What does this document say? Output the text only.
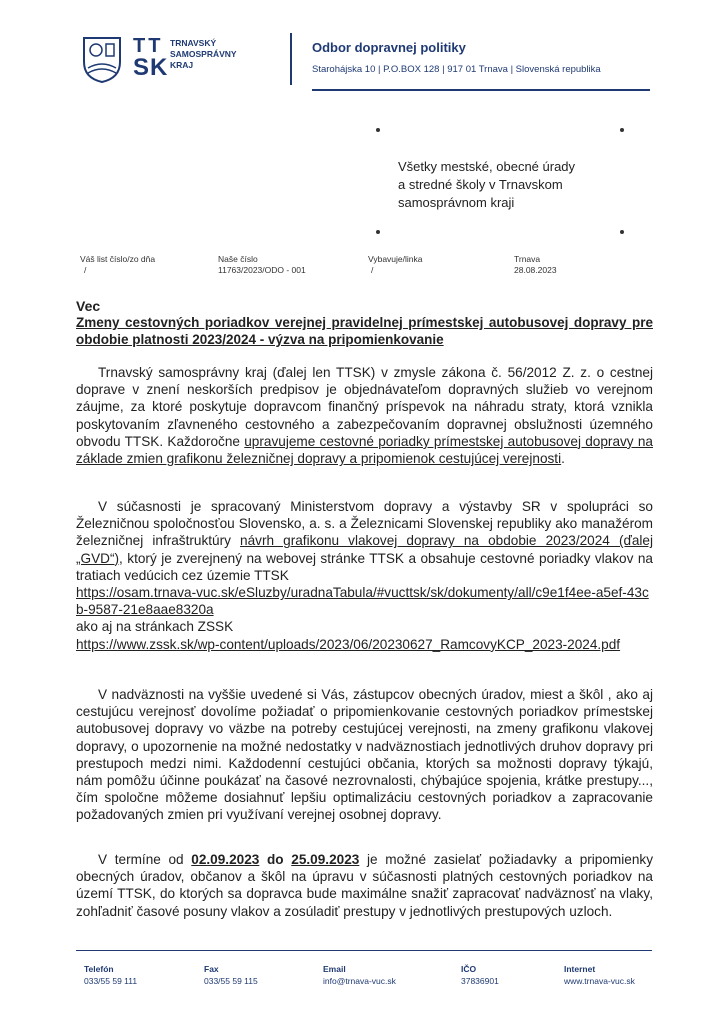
TT
SK
TRNAVSKÝ
SAMOSPRÁVNY
KRAJ
Odbor dopravnej politiky
Starohájska 10 | P.O.BOX 128 | 917 01 Trnava | Slovenská republika
Všetky mestské, obecné úrady
a stredné školy v Trnavskom
samosprávnom kraji
Váš list číslo/zo dňa
/
Naše číslo
11763/2023/ODO - 001
Vybavuje/linka
/
Trnava
28.08.2023
Vec
Zmeny cestovných poriadkov verejnej pravidelnej prímestskej autobusovej dopravy pre obdobie platnosti 2023/2024 - výzva na pripomienkovanie
Trnavský samosprávny kraj (ďalej len TTSK) v zmysle zákona č. 56/2012 Z. z. o cestnej doprave v znení neskorších predpisov je objednávateľom dopravných služieb vo verejnom záujme, za ktoré poskytuje dopravcom finančný príspevok na náhradu straty, ktorá vznikla poskytovaním zľavneného cestovného a zabezpečovaním dopravnej obslužnosti územného obvodu TTSK. Každoročne upravujeme cestovné poriadky prímestskej autobusovej dopravy na základe zmien grafikonu železničnej dopravy a pripomienok cestujúcej verejnosti.
V súčasnosti je spracovaný Ministerstvom dopravy a výstavby SR v spolupráci so Železničnou spoločnosťou Slovensko, a. s. a Železnicami Slovenskej republiky ako manažérom železničnej infraštruktúry návrh grafikonu vlakovej dopravy na obdobie 2023/2024 (ďalej „GVD“), ktorý je zverejnený na webovej stránke TTSK a obsahuje cestovné poriadky vlakov na tratiach vedúcich cez územie TTSK
https://osam.trnava-vuc.sk/eSluzby/uradnaTabula/#vucttsk/sk/dokumenty/all/c9e1f4ee-a5ef-43cb-9587-21e8aae8320a
ako aj na stránkach ZSSK
https://www.zssk.sk/wp-content/uploads/2023/06/20230627_RamcovyKCP_2023-2024.pdf
V nadväznosti na vyššie uvedené si Vás, zástupcov obecných úradov, miest a škôl , ako aj cestujúcu verejnosť dovolíme požiadať o pripomienkovanie cestovných poriadkov prímestskej autobusovej dopravy vo väzbe na potreby cestujúcej verejnosti, na zmeny grafikonu vlakovej dopravy, o upozornenie na možné nedostatky v nadväznostiach jednotlivých druhov dopravy pri prestupoch medzi nimi. Každodenní cestujúci občania, ktorých sa možnosti dopravy týkajú, nám pomôžu účinne poukázať na časové nezrovnalosti, chýbajúce spojenia, krátke prestupy..., čím spoločne môžeme dosiahnuť lepšiu optimalizáciu cestovných poriadkov a zapracovanie požadovaných zmien pri využívaní verejnej osobnej dopravy.
V termíne od 02.09.2023 do 25.09.2023 je možné zasielať požiadavky a pripomienky obecných úradov, občanov a škôl na úpravu v súčasnosti platných cestovných poriadkov na území TTSK, do ktorých sa dopravca bude maximálne snažiť zapracovať nadväznosť na vlaky, zohľadniť časové posuny vlakov a zosúladiť prestupy v jednotlivých prestupových uzloch.
Telefón
033/55 59 111
Fax
033/55 59 115
Email
info@trnava-vuc.sk
IČO
37836901
Internet
www.trnava-vuc.sk
